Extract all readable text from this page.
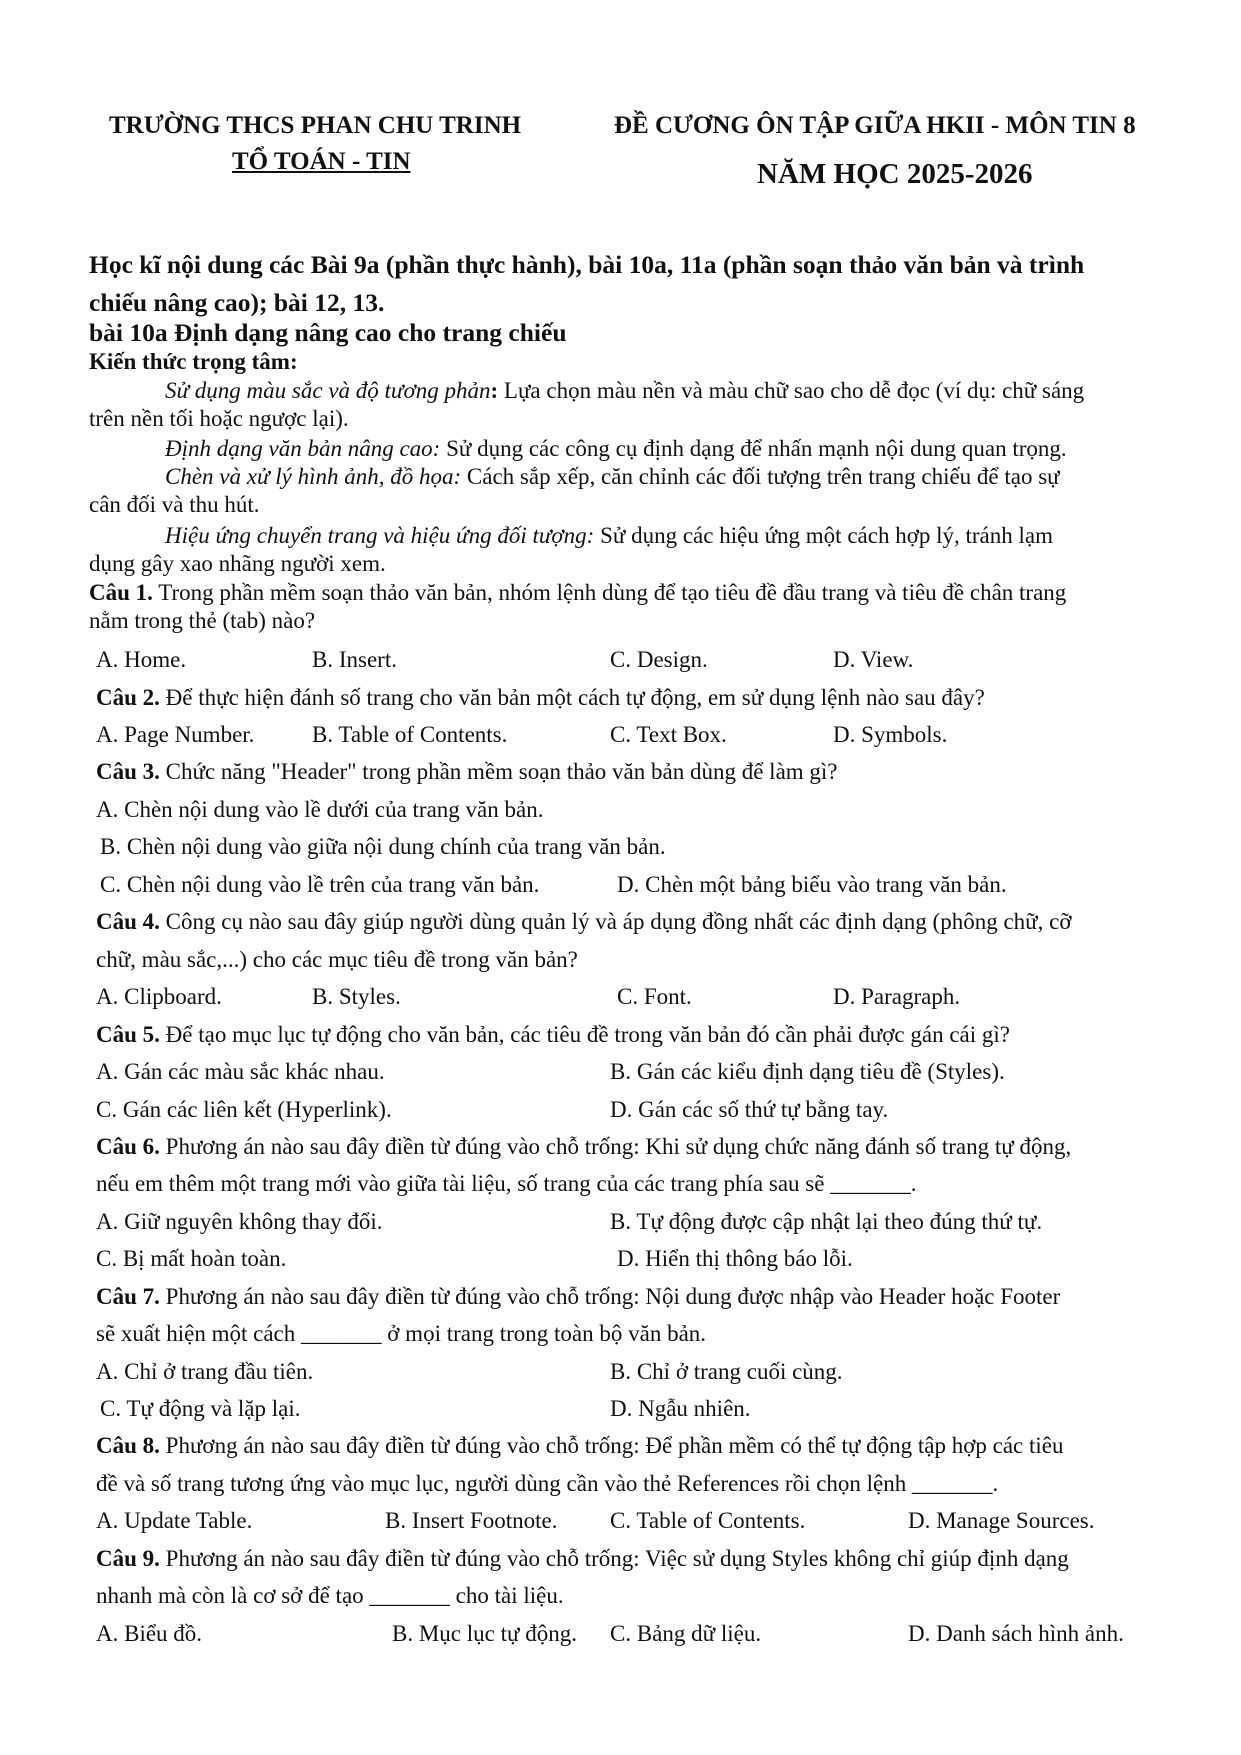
TRƯỜNG THCS PHAN CHU TRINH
TỔ TOÁN - TIN
ĐỀ CƯƠNG ÔN TẬP GIỮA HKII - MÔN TIN 8
NĂM HỌC 2025-2026
Học kĩ nội dung các Bài 9a (phần thực hành), bài 10a, 11a (phần soạn thảo văn bản và trình
chiếu nâng cao); bài 12, 13.
bài 10a Định dạng nâng cao cho trang chiếu
Kiến thức trọng tâm:
Sử dụng màu sắc và độ tương phản: Lựa chọn màu nền và màu chữ sao cho dễ đọc (ví dụ: chữ sáng
trên nền tối hoặc ngược lại).
Định dạng văn bản nâng cao: Sử dụng các công cụ định dạng để nhấn mạnh nội dung quan trọng.
Chèn và xử lý hình ảnh, đồ họa: Cách sắp xếp, căn chỉnh các đối tượng trên trang chiếu để tạo sự
cân đối và thu hút.
Hiệu ứng chuyển trang và hiệu ứng đối tượng: Sử dụng các hiệu ứng một cách hợp lý, tránh lạm
dụng gây xao nhãng người xem.
Câu 1. Trong phần mềm soạn thảo văn bản, nhóm lệnh dùng để tạo tiêu đề đầu trang và tiêu đề chân trang
nằm trong thẻ (tab) nào?
A. Home.	B. Insert.	C. Design.	D. View.
Câu 2. Để thực hiện đánh số trang cho văn bản một cách tự động, em sử dụng lệnh nào sau đây?
A. Page Number.	B. Table of Contents.	C. Text Box.	D. Symbols.
Câu 3. Chức năng "Header" trong phần mềm soạn thảo văn bản dùng để làm gì?
A. Chèn nội dung vào lề dưới của trang văn bản.
B. Chèn nội dung vào giữa nội dung chính của trang văn bản.
C. Chèn nội dung vào lề trên của trang văn bản.	D. Chèn một bảng biểu vào trang văn bản.
Câu 4. Công cụ nào sau đây giúp người dùng quản lý và áp dụng đồng nhất các định dạng (phông chữ, cỡ
chữ, màu sắc,...) cho các mục tiêu đề trong văn bản?
A. Clipboard.	B. Styles.	C. Font.	D. Paragraph.
Câu 5. Để tạo mục lục tự động cho văn bản, các tiêu đề trong văn bản đó cần phải được gán cái gì?
A. Gán các màu sắc khác nhau.	B. Gán các kiểu định dạng tiêu đề (Styles).
C. Gán các liên kết (Hyperlink).	D. Gán các số thứ tự bằng tay.
Câu 6. Phương án nào sau đây điền từ đúng vào chỗ trống: Khi sử dụng chức năng đánh số trang tự động,
nếu em thêm một trang mới vào giữa tài liệu, số trang của các trang phía sau sẽ _______.
A. Giữ nguyên không thay đổi.	B. Tự động được cập nhật lại theo đúng thứ tự.
C. Bị mất hoàn toàn.	D. Hiển thị thông báo lỗi.
Câu 7. Phương án nào sau đây điền từ đúng vào chỗ trống: Nội dung được nhập vào Header hoặc Footer
sẽ xuất hiện một cách _______ ở mọi trang trong toàn bộ văn bản.
A. Chỉ ở trang đầu tiên.	B. Chỉ ở trang cuối cùng.
C. Tự động và lặp lại.	D. Ngẫu nhiên.
Câu 8. Phương án nào sau đây điền từ đúng vào chỗ trống: Để phần mềm có thể tự động tập hợp các tiêu
đề và số trang tương ứng vào mục lục, người dùng cần vào thẻ References rồi chọn lệnh _______.
A. Update Table.	B. Insert Footnote. C. Table of Contents.	D. Manage Sources.
Câu 9. Phương án nào sau đây điền từ đúng vào chỗ trống: Việc sử dụng Styles không chỉ giúp định dạng
nhanh mà còn là cơ sở để tạo _______ cho tài liệu.
A. Biểu đồ.	B. Mục lục tự động. C. Bảng dữ liệu.	D. Danh sách hình ảnh.
